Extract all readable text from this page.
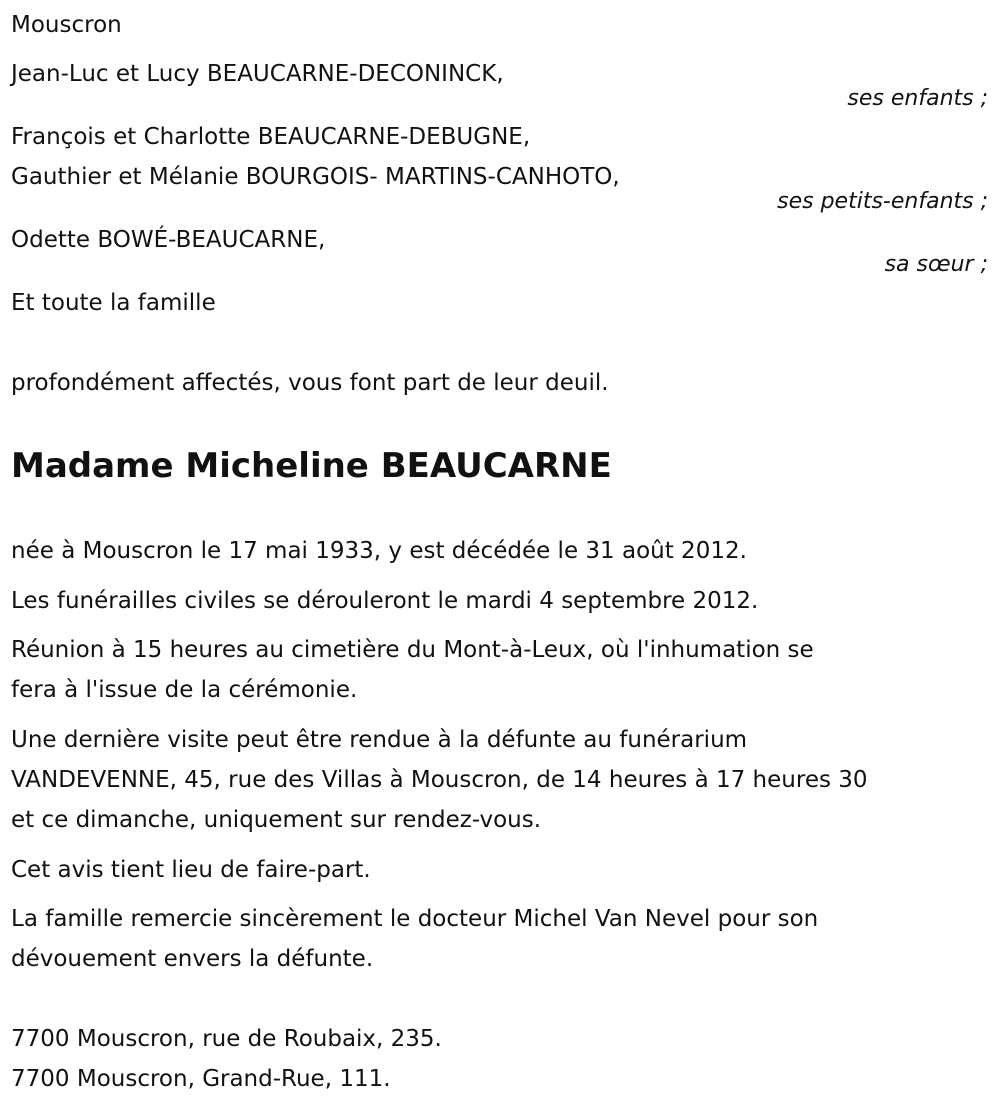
Mouscron
Jean-Luc et Lucy BEAUCARNE-DECONINCK,
ses enfants ;
François et Charlotte BEAUCARNE-DEBUGNE,
Gauthier et Mélanie BOURGOIS- MARTINS-CANHOTO,
ses petits-enfants ;
Odette BOWÉ-BEAUCARNE,
sa sœur ;
Et toute la famille
profondément affectés, vous font part de leur deuil.
Madame Micheline BEAUCARNE
née à Mouscron le 17 mai 1933, y est décédée le 31 août 2012.
Les funérailles civiles se dérouleront le mardi 4 septembre 2012.
Réunion à 15 heures au cimetière du Mont-à-Leux, où l'inhumation se
fera à l'issue de la cérémonie.
Une dernière visite peut être rendue à la défunte au funérarium
VANDEVENNE, 45, rue des Villas à Mouscron, de 14 heures à 17 heures 30
et ce dimanche, uniquement sur rendez-vous.
Cet avis tient lieu de faire-part.
La famille remercie sincèrement le docteur Michel Van Nevel pour son
dévouement envers la défunte.
7700 Mouscron, rue de Roubaix, 235.
7700 Mouscron, Grand-Rue, 111.
